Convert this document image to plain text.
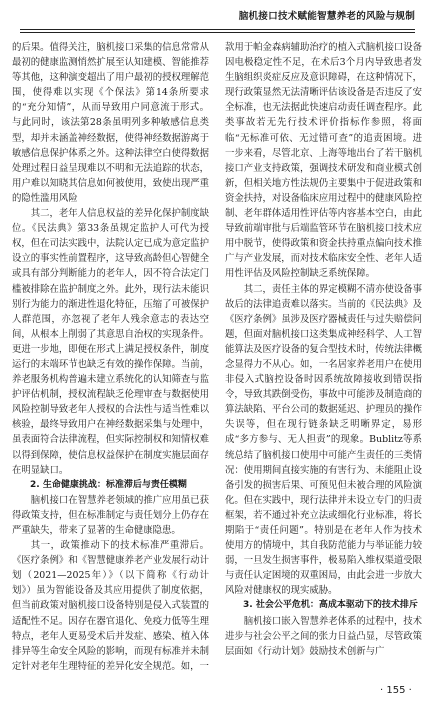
脑机接口技术赋能智慧养老的风险与规制

的后果。值得关注，脑机接口采集的信息常常从最初的健康监测悄然扩展至认知建模、智能推荐等其他，这种演变超出了用户最初的授权理解范围，使得难以实现《个保法》第14条所要求的“充分知情”，从而导致用户同意流于形式。与此同时，该法第28条虽明列多种敏感信息类型，却并未涵盖神经数据，使得神经数据游离于敏感信息保护体系之外。这种法律空白使得数据处理过程日益呈现难以不明和无法追踪的状态，用户难以知晓其信息如何被使用，致使出现严重的隐性滥用风险

其二，老年人信息权益的差异化保护制度缺位。《民法典》第33条虽规定监护人可代为授权，但在司法实践中，法院认定已成为意定监护设立的事实性前置程序，这导致高龄但心智健全或具有部分判断能力的老年人，因不符合法定门槛被排除在监护制度之外。此外，现行法未能识别行为能力的渐进性退化特征，压缩了可被保护人群范围，亦忽视了老年人残余意志的表达空间，从根本上削弱了其意思自治权的实现条件。更进一步地，即便在形式上满足授权条件，制度运行的末端环节也缺乏有效的操作保障。当前，养老服务机构普遍未建立系统化的认知筛查与监护评估机制，授权流程缺乏伦理审查与数据使用风险控制导致老年人授权的合法性与适当性难以核验，最终导致用户在神经数据采集与处理中，虽表面符合法律流程，但实际控制权和知情权难以得到保障，使信息权益保护在制度实施层面存在明显缺口。

2. 生命健康挑战：标准滞后与责任模糊

脑机接口在智慧养老领域的推广应用虽已获得政策支持，但在标准制定与责任划分上仍存在严重缺失，带来了显著的生命健康隐患。

其一，政策推动下的技术标准严重滞后。《医疗条例》和《智慧健康养老产业发展行动计划（2021—2025年）》（以下简称《行动计划》）虽为智能设备及其应用提供了制度依据，但当前政策对脑机接口设备特别是侵入式装置的适配性不足。因存在器官退化、免疫力低等生理特点，老年人更易受术后并发症、感染、植入体排异等生命安全风险的影响，而现有标准并未制定针对老年生理特征的差异化安全规范。如，一

款用于帕金森病辅助治疗的植入式脑机接口设备因电极稳定性不足，在术后3个月内导致患者发生脑组织炎症反应及意识障碍，在这种情况下，现行政策显然无法清晰评估该设备是否违反了安全标准，也无法据此快速启动责任调查程序。此类事故若无先行技术评价指标作参照，将面临“无标准可依、无过错可查”的追责困境。进一步来看，尽管北京、上海等地出台了若干脑机接口产业支持政策，强调技术研发和商业模式创新，但相关地方性法规仍主要集中于促进政策和资金扶持，对设备临床应用过程中的健康风险控制、老年群体适用性评估等内容基本空白，由此导致前端审批与后端监管环节在脑机接口技术应用中脱节，使得政策和资金扶持重点偏向技术推广与产业发展，而对技术临床安全性、老年人适用性评估及风险控制缺乏系统保障。

其二，责任主体的界定模糊不清亦使设备事故后的法律追责难以落实。当前的《民法典》及《医疗条例》虽涉及医疗器械责任与过失赔偿问题，但面对脑机接口这类集成神经科学、人工智能算法及医疗设备的复合型技术时，传统法律概念显得力不从心。如，一名居家养老用户在使用非侵入式脑控设备时因系统故障接收到错误指令，导致其跌倒受伤，事故中可能涉及制造商的算法缺陷、平台公司的数据延迟、护理员的操作失误等，但在现行链条缺乏明晰界定，易形成“多方参与、无人担责”的现象。Bublitz等系统总结了脑机接口使用中可能产生责任的三类情况：使用期间直接实施的有害行为、未能阻止设备引发的损害后果、可预见但未被合理的风险演化。但在实践中，现行法律并未设立专门的归责框架，若不通过补充立法或细化行业标准，将长期陷于“责任问题”。特别是在老年人作为技术使用方的情境中，其自我防范能力与举证能力较弱，一旦发生损害事件，极易陷入维权渠道受限与责任认定困境的双重困局，由此会进一步放大风险对健康权的现实威胁。

3. 社会公平危机：高成本驱动下的技术排斥

脑机接口嵌入智慧养老体系的过程中，技术进步与社会公平之间的张力日益凸显，尽管政策层面如《行动计划》鼓励技术创新与广

· 155 ·
